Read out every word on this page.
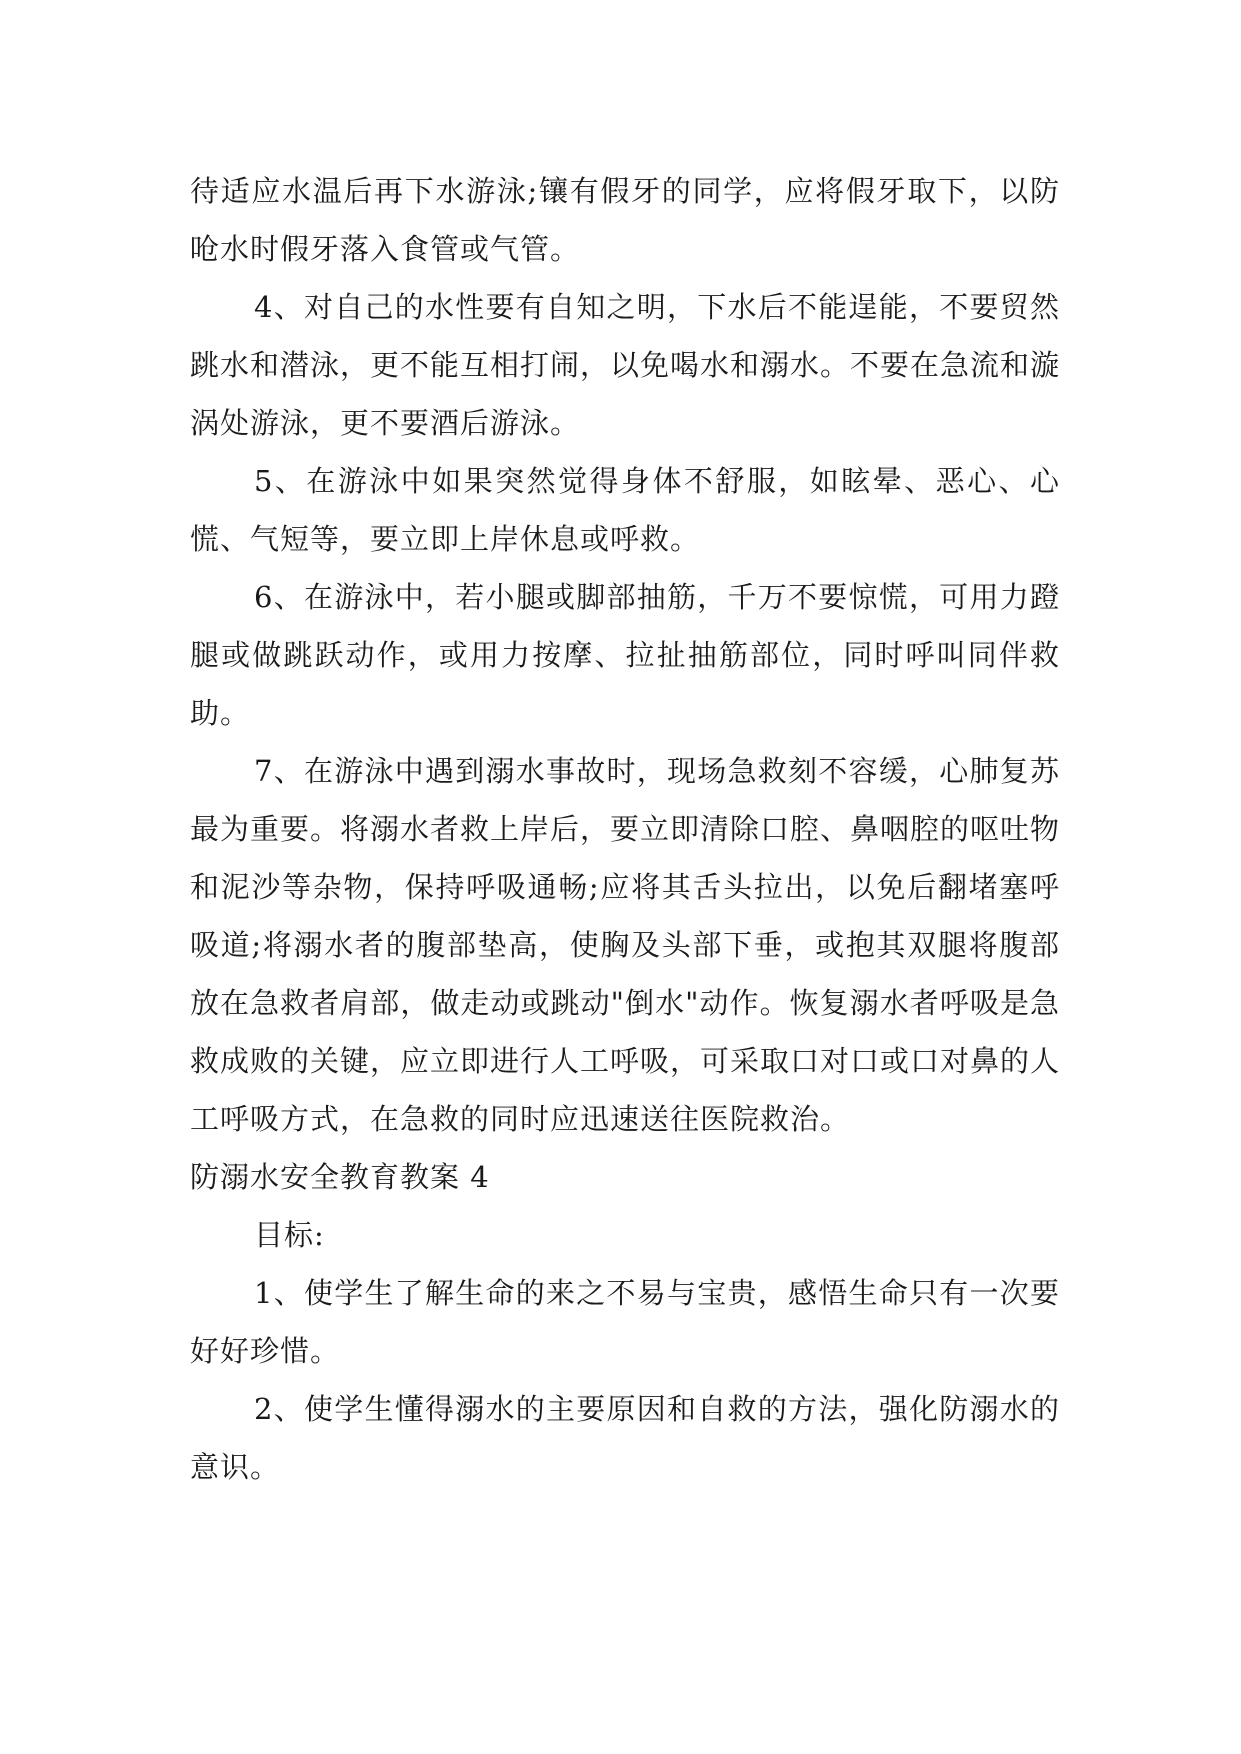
待适应水温后再下水游泳;镶有假牙的同学，应将假牙取下，以防呛水时假牙落入食管或气管。

4、对自己的水性要有自知之明，下水后不能逞能，不要贸然跳水和潜泳，更不能互相打闹，以免喝水和溺水。不要在急流和漩涡处游泳，更不要酒后游泳。

5、在游泳中如果突然觉得身体不舒服，如眩晕、恶心、心慌、气短等，要立即上岸休息或呼救。

6、在游泳中，若小腿或脚部抽筋，千万不要惊慌，可用力蹬腿或做跳跃动作，或用力按摩、拉扯抽筋部位，同时呼叫同伴救助。

7、在游泳中遇到溺水事故时，现场急救刻不容缓，心肺复苏最为重要。将溺水者救上岸后，要立即清除口腔、鼻咽腔的呕吐物和泥沙等杂物，保持呼吸通畅;应将其舌头拉出，以免后翻堵塞呼吸道;将溺水者的腹部垫高，使胸及头部下垂，或抱其双腿将腹部放在急救者肩部，做走动或跳动"倒水"动作。恢复溺水者呼吸是急救成败的关键，应立即进行人工呼吸，可采取口对口或口对鼻的人工呼吸方式，在急救的同时应迅速送往医院救治。

防溺水安全教育教案 4

目标:

1、使学生了解生命的来之不易与宝贵，感悟生命只有一次要好好珍惜。

2、使学生懂得溺水的主要原因和自救的方法，强化防溺水的意识。
